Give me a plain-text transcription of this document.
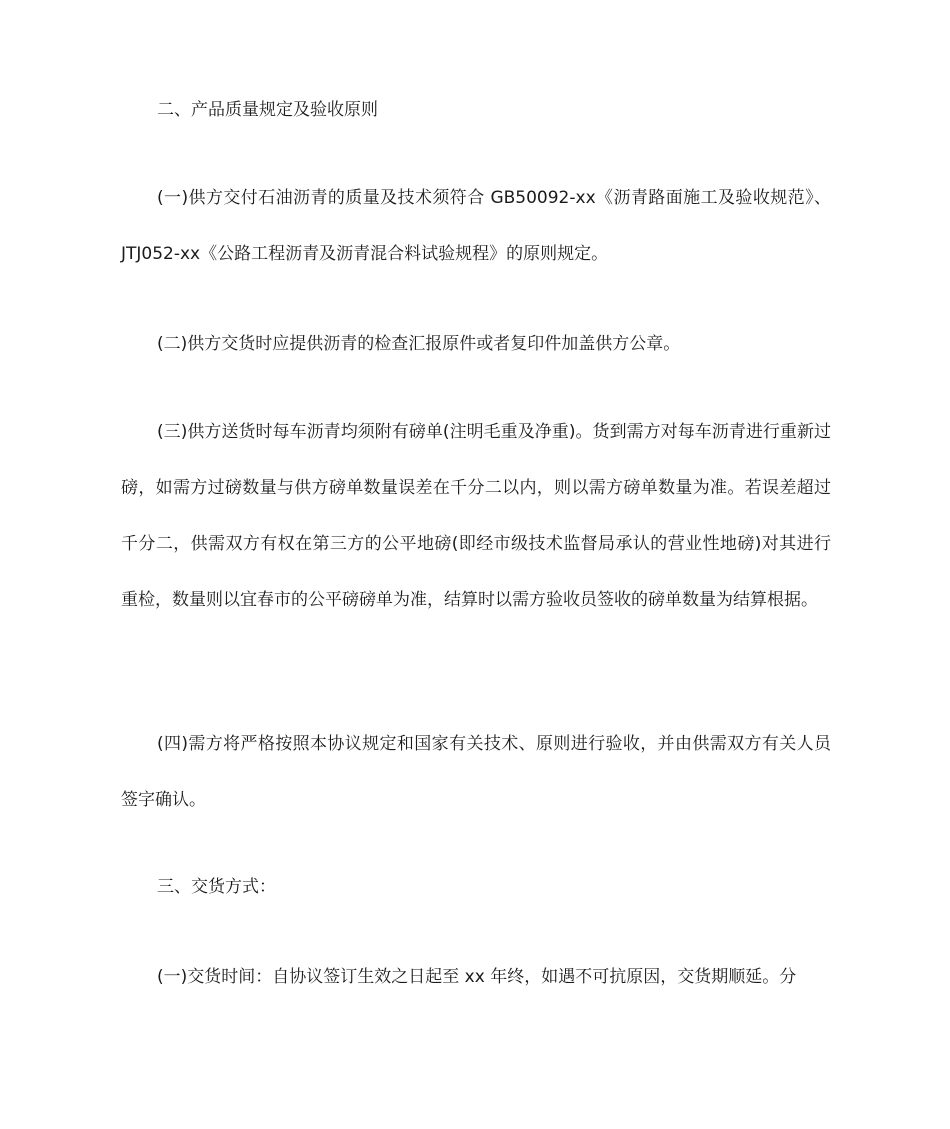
二、产品质量规定及验收原则

(一)供方交付石油沥青的质量及技术须符合 GB50092-xx《沥青路面施工及验收规范》、JTJ052-xx《公路工程沥青及沥青混合料试验规程》的原则规定。

(二)供方交货时应提供沥青的检查汇报原件或者复印件加盖供方公章。

(三)供方送货时每车沥青均须附有磅单(注明毛重及净重)。货到需方对每车沥青进行重新过磅，如需方过磅数量与供方磅单数量误差在千分二以内，则以需方磅单数量为准。若误差超过千分二，供需双方有权在第三方的公平地磅(即经市级技术监督局承认的营业性地磅)对其进行重检，数量则以宜春市的公平磅磅单为准，结算时以需方验收员签收的磅单数量为结算根据。

(四)需方将严格按照本协议规定和国家有关技术、原则进行验收，并由供需双方有关人员签字确认。

三、交货方式：

(一)交货时间：自协议签订生效之日起至 xx 年终，如遇不可抗原因，交货期顺延。分
